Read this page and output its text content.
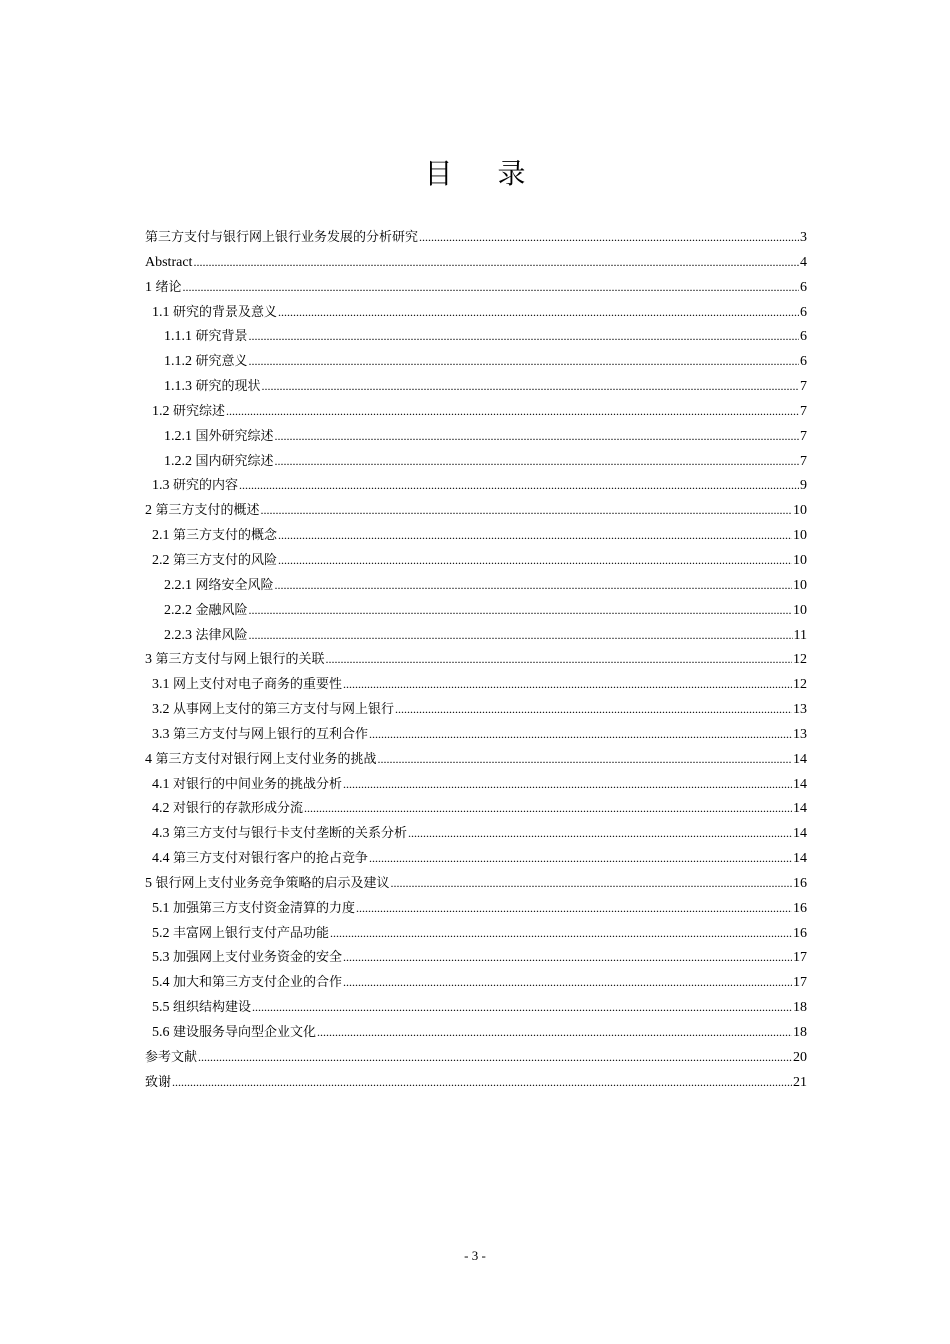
目 录
第三方支付与银行网上银行业务发展的分析研究 .....	3
Abstract .....	4
1 绪论 .....	6
1.1 研究的背景及意义 .....	6
1.1.1 研究背景 .....	6
1.1.2 研究意义 .....	6
1.1.3 研究的现状 .....	7
1.2 研究综述 .....	7
1.2.1 国外研究综述 .....	7
1.2.2 国内研究综述 .....	7
1.3 研究的内容 .....	9
2 第三方支付的概述 .....	10
2.1 第三方支付的概念 .....	10
2.2 第三方支付的风险 .....	10
2.2.1 网络安全风险 .....	10
2.2.2 金融风险 .....	10
2.2.3 法律风险 .....	11
3 第三方支付与网上银行的关联 .....	12
3.1 网上支付对电子商务的重要性 .....	12
3.2 从事网上支付的第三方支付与网上银行 .....	13
3.3 第三方支付与网上银行的互利合作 .....	13
4 第三方支付对银行网上支付业务的挑战 .....	14
4.1 对银行的中间业务的挑战分析 .....	14
4.2 对银行的存款形成分流 .....	14
4.3 第三方支付与银行卡支付垄断的关系分析 .....	14
4.4 第三方支付对银行客户的抢占竞争 .....	14
5 银行网上支付业务竞争策略的启示及建议 .....	16
5.1 加强第三方支付资金清算的力度 .....	16
5.2 丰富网上银行支付产品功能 .....	16
5.3 加强网上支付业务资金的安全 .....	17
5.4 加大和第三方支付企业的合作 .....	17
5.5 组织结构建设 .....	18
5.6 建设服务导向型企业文化 .....	18
参考文献 .....	20
致谢 .....	21
- 3 -
